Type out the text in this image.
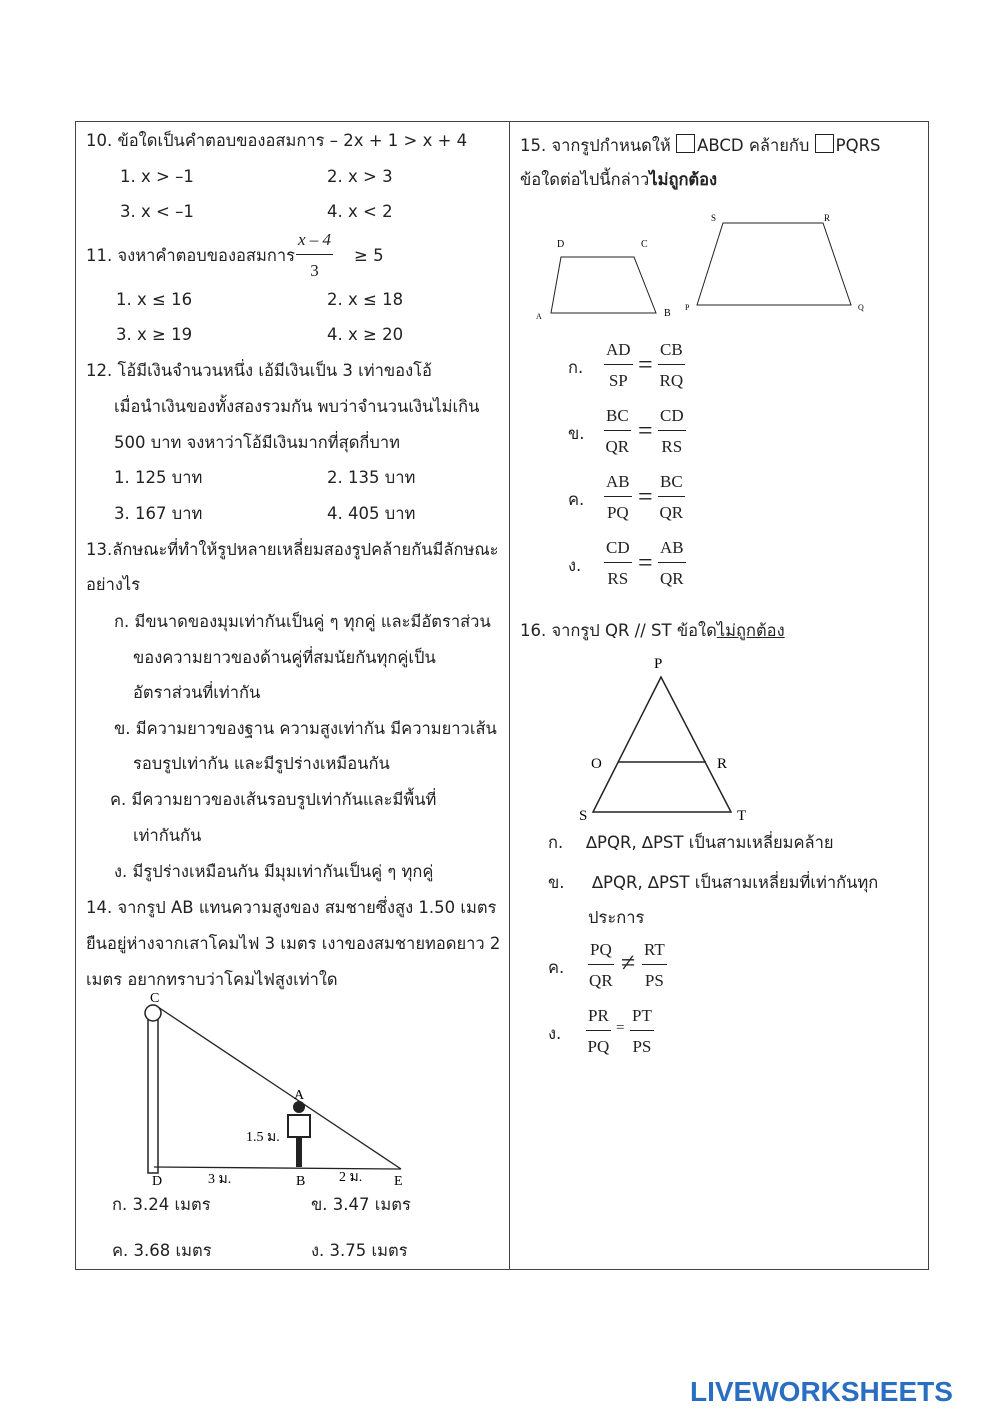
10. ข้อใดเป็นคำตอบของอสมการ – 2x + 1 > x + 4
1. x > –1	2. x > 3
3. x < –1	4. x < 2
11. จงหาคำตอบของอสมการ $\frac{x - 4}{3} \ge 5$
1. x ≤ 16	2. x ≤ 18
3. x ≥ 19	4. x ≥ 20
12. โอ้มีเงินจำนวนหนึ่ง เอ้มีเงินเป็น 3 เท่าของโอ้
เมื่อนำเงินของทั้งสองรวมกัน พบว่าจำนวนเงินไม่เกิน
500 บาท จงหาว่าโอ้มีเงินมากที่สุดกี่บาท
1. 125 บาท	2. 135 บาท
3. 167 บาท	4. 405 บาท
13.ลักษณะที่ทำให้รูปหลายเหลี่ยมสองรูปคล้ายกันมีลักษณะ
อย่างไร
ก. มีขนาดของมุมเท่ากันเป็นคู่ ๆ ทุกคู่ และมีอัตราส่วน
ของความยาวของด้านคู่ที่สมนัยกันทุกคู่เป็น
อัตราส่วนที่เท่ากัน
ข. มีความยาวของฐาน ความสูงเท่ากัน มีความยาวเส้น
รอบรูปเท่ากัน และมีรูปร่างเหมือนกัน
ค. มีความยาวของเส้นรอบรูปเท่ากันและมีพื้นที่
เท่ากันกัน
ง. มีรูปร่างเหมือนกัน มีมุมเท่ากันเป็นคู่ ๆ ทุกคู่
14. จากรูป AB แทนความสูงของ สมชายซึ่งสูง 1.50 เมตร
ยืนอยู่ห่างจากเสาโคมไฟ 3 เมตร เงาของสมชายทอดยาว 2
เมตร อยากทราบว่าโคมไฟสูงเท่าใด
C
A
D	B	E
1.5 ม.
3 ม.	2 ม.
ก. 3.24 เมตร	ข. 3.47 เมตร
ค. 3.68 เมตร	ง. 3.75 เมตร
15. จากรูปกำหนดให้ ABCD คล้ายกับ PQRS
ข้อใดต่อไปนี้กล่าวไม่ถูกต้อง
D	C
A	B
S	R
P	Q
ก. $\frac{AD}{SP} = \frac{CB}{RQ}$
ข. $\frac{BC}{QR} = \frac{CD}{RS}$
ค. $\frac{AB}{PQ} = \frac{BC}{QR}$
ง. $\frac{CD}{RS} = \frac{AB}{QR}$
16. จากรูป QR // ST ข้อใดไม่ถูกต้อง
P
O	R
S	T
ก. ∆PQR, ∆PST เป็นสามเหลี่ยมคล้าย
ข. ∆PQR, ∆PST เป็นสามเหลี่ยมที่เท่ากันทุก
ประการ
ค. $\frac{PQ}{QR} \ne \frac{RT}{PS}$
ง. $\frac{PR}{PQ} = \frac{PT}{PS}$
LIVEWORKSHEETS
